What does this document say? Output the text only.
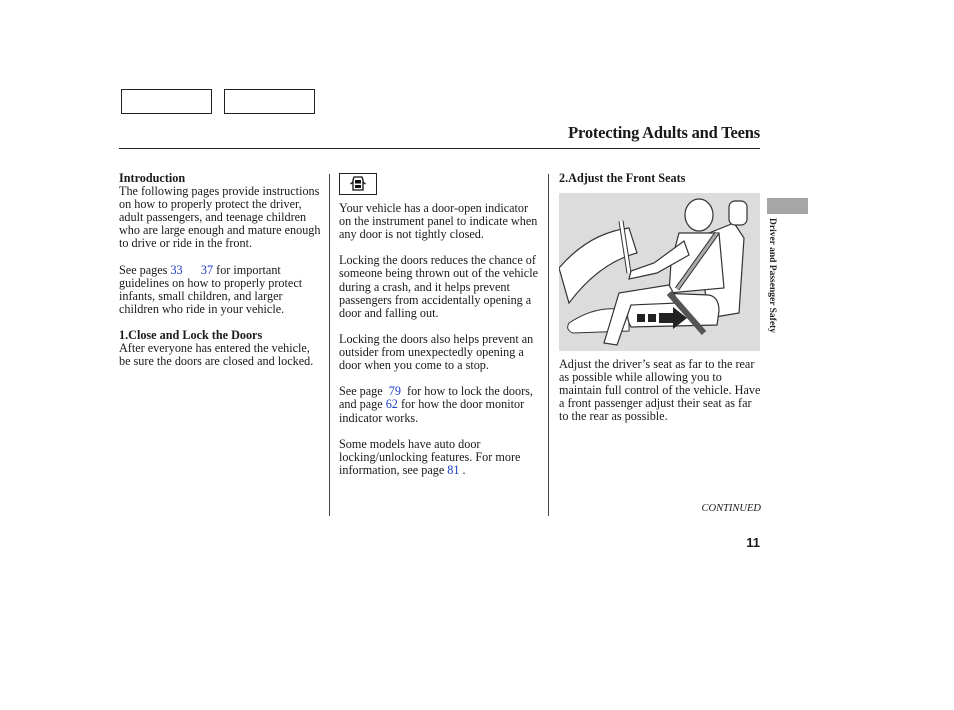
Protecting Adults and Teens
Introduction

The following pages provide instructions on how to properly protect the driver, adult passengers, and teenage children who are large enough and mature enough to drive or ride in the front.

See pages 33 37 for important guidelines on how to properly protect infants, small children, and larger children who ride in your vehicle.

1.Close and Lock the Doors

After everyone has entered the vehicle, be sure the doors are closed and locked.

Your vehicle has a door-open indicator on the instrument panel to indicate when any door is not tightly closed.

Locking the doors reduces the chance of someone being thrown out of the vehicle during a crash, and it helps prevent passengers from accidentally opening a door and falling out.

Locking the doors also helps prevent an outsider from unexpectedly opening a door when you come to a stop.

See page  79  for how to lock the doors, and page 62 for how the door monitor indicator works.

Some models have auto door locking/unlocking features. For more information, see page 81 .

2.Adjust the Front Seats

Adjust the driver’s seat as far to the rear as possible while allowing you to maintain full control of the vehicle. Have a front passenger adjust their seat as far to the rear as possible.

CONTINUED
11
Driver and Passenger Safety
